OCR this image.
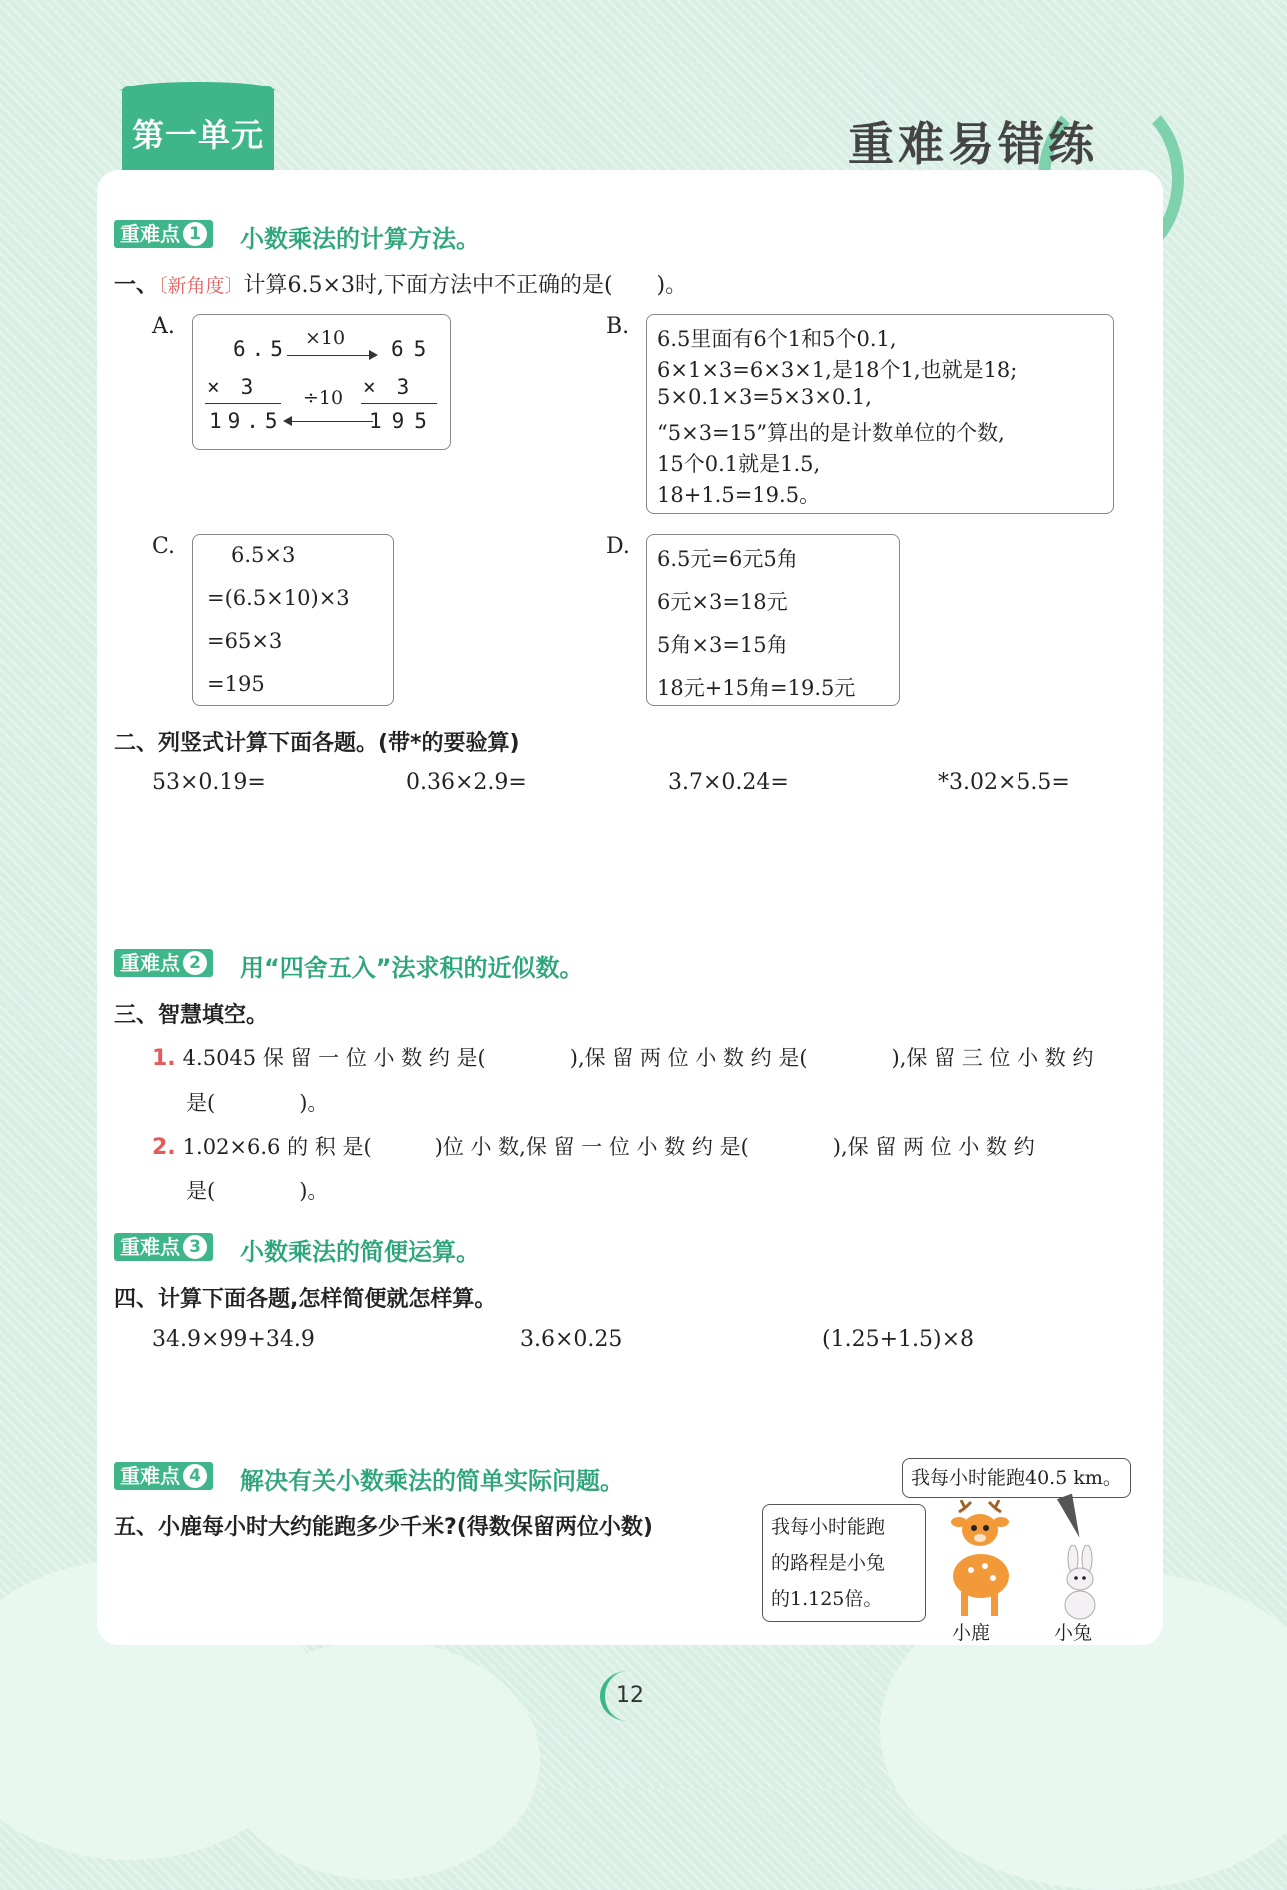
第一单元	重难易错练
重难点 1 小数乘法的计算方法。
一、〔新角度〕计算6.5×3时,下面方法中不正确的是(　　)。
A.
6.5 ×10 65
×　3	÷10 ×　3
19.5	195
B. 6.5里面有6个1和5个0.1,
6×1×3=6×3×1,是18个1,也就是18;
5×0.1×3=5×3×0.1,
“5×3=15”算出的是计数单位的个数,
15个0.1就是1.5,
18+1.5=19.5。
C.	6.5×3
=(6.5×10)×3
=65×3
=195
D. 6.5元=6元5角
6元×3=18元
5角×3=15角
18元+15角=19.5元
二、列竖式计算下面各题。(带*的要验算)
53×0.19=	0.36×2.9=	3.7×0.24=	*3.02×5.5=
重难点 2 用“四舍五入”法求积的近似数。
三、智慧填空。
1. 4.5045 保 留 一 位 小 数 约 是(　　　　),保 留 两 位 小 数 约 是(　　　　),保 留 三 位 小 数 约
是(　　　　)。
2. 1.02×6.6 的 积 是(　　　)位 小 数,保 留 一 位 小 数 约 是(　　　　),保 留 两 位 小 数 约
是(　　　　)。
重难点 3 小数乘法的简便运算。
四、计算下面各题,怎样简便就怎样算。
34.9×99+34.9	3.6×0.25	(1.25+1.5)×8
重难点 4 解决有关小数乘法的简单实际问题。
五、小鹿每小时大约能跑多少千米?(得数保留两位小数)
我每小时能跑40.5 km。
我每小时能跑
的路程是小兔
的1.125倍。
小鹿	小兔
12
